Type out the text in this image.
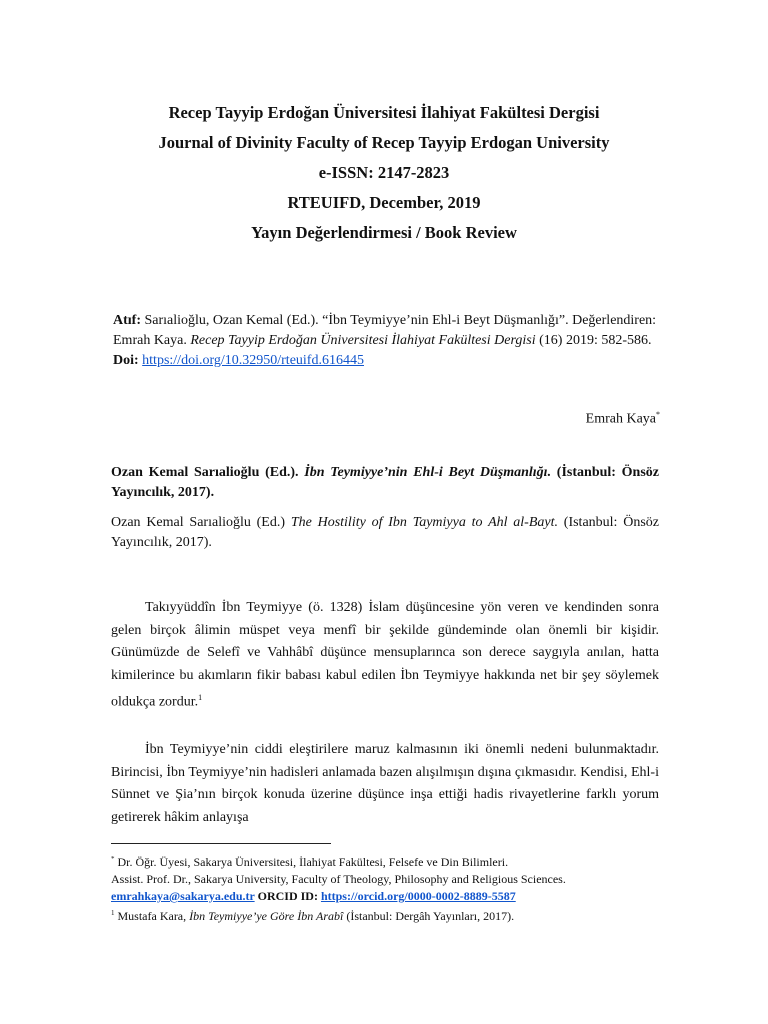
Recep Tayyip Erdoğan Üniversitesi İlahiyat Fakültesi Dergisi
Journal of Divinity Faculty of Recep Tayyip Erdogan University
e-ISSN: 2147-2823
RTEUIFD, December, 2019
Yayın Değerlendirmesi / Book Review
Atıf: Sarıalioğlu, Ozan Kemal (Ed.). “İbn Teymiyye’nin Ehl-i Beyt Düşmanlığı”. Değerlendiren: Emrah Kaya. Recep Tayyip Erdoğan Üniversitesi İlahiyat Fakültesi Dergisi (16) 2019: 582-586.
Doi: https://doi.org/10.32950/rteuifd.616445
Emrah Kaya*
Ozan Kemal Sarıalioğlu (Ed.). İbn Teymiyye’nin Ehl-i Beyt Düşmanlığı. (İstanbul: Önsöz Yayıncılık, 2017).
Ozan Kemal Sarıalioğlu (Ed.) The Hostility of Ibn Taymiyya to Ahl al-Bayt. (Istanbul: Önsöz Yayıncılık, 2017).

Takıyyüddîn İbn Teymiyye (ö. 1328) İslam düşüncesine yön veren ve kendinden sonra gelen birçok âlimin müspet veya menfî bir şekilde gündeminde olan önemli bir kişidir. Günümüzde de Selefî ve Vahhâbî düşünce mensuplarınca son derece saygıyla anılan, hatta kimilerince bu akımların fikir babası kabul edilen İbn Teymiyye hakkında net bir şey söylemek oldukça zordur.$^1$

İbn Teymiyye’nin ciddi eleştirilere maruz kalmasının iki önemli nedeni bulunmaktadır. Birincisi, İbn Teymiyye’nin hadisleri anlamada bazen alışılmışın dışına çıkmasıdır. Kendisi, Ehl-i Sünnet ve Şia’nın birçok konuda üzerine düşünce inşa ettiği hadis rivayetlerine farklı yorum getirerek hâkim anlayışa

* Dr. Öğr. Üyesi, Sakarya Üniversitesi, İlahiyat Fakültesi, Felsefe ve Din Bilimleri.
Assist. Prof. Dr., Sakarya University, Faculty of Theology, Philosophy and Religious Sciences.
emrahkaya@sakarya.edu.tr ORCID ID: https://orcid.org/0000-0002-8889-5587
$^1$ Mustafa Kara, İbn Teymiyye’ye Göre İbn Arabî (İstanbul: Dergâh Yayınları, 2017).
